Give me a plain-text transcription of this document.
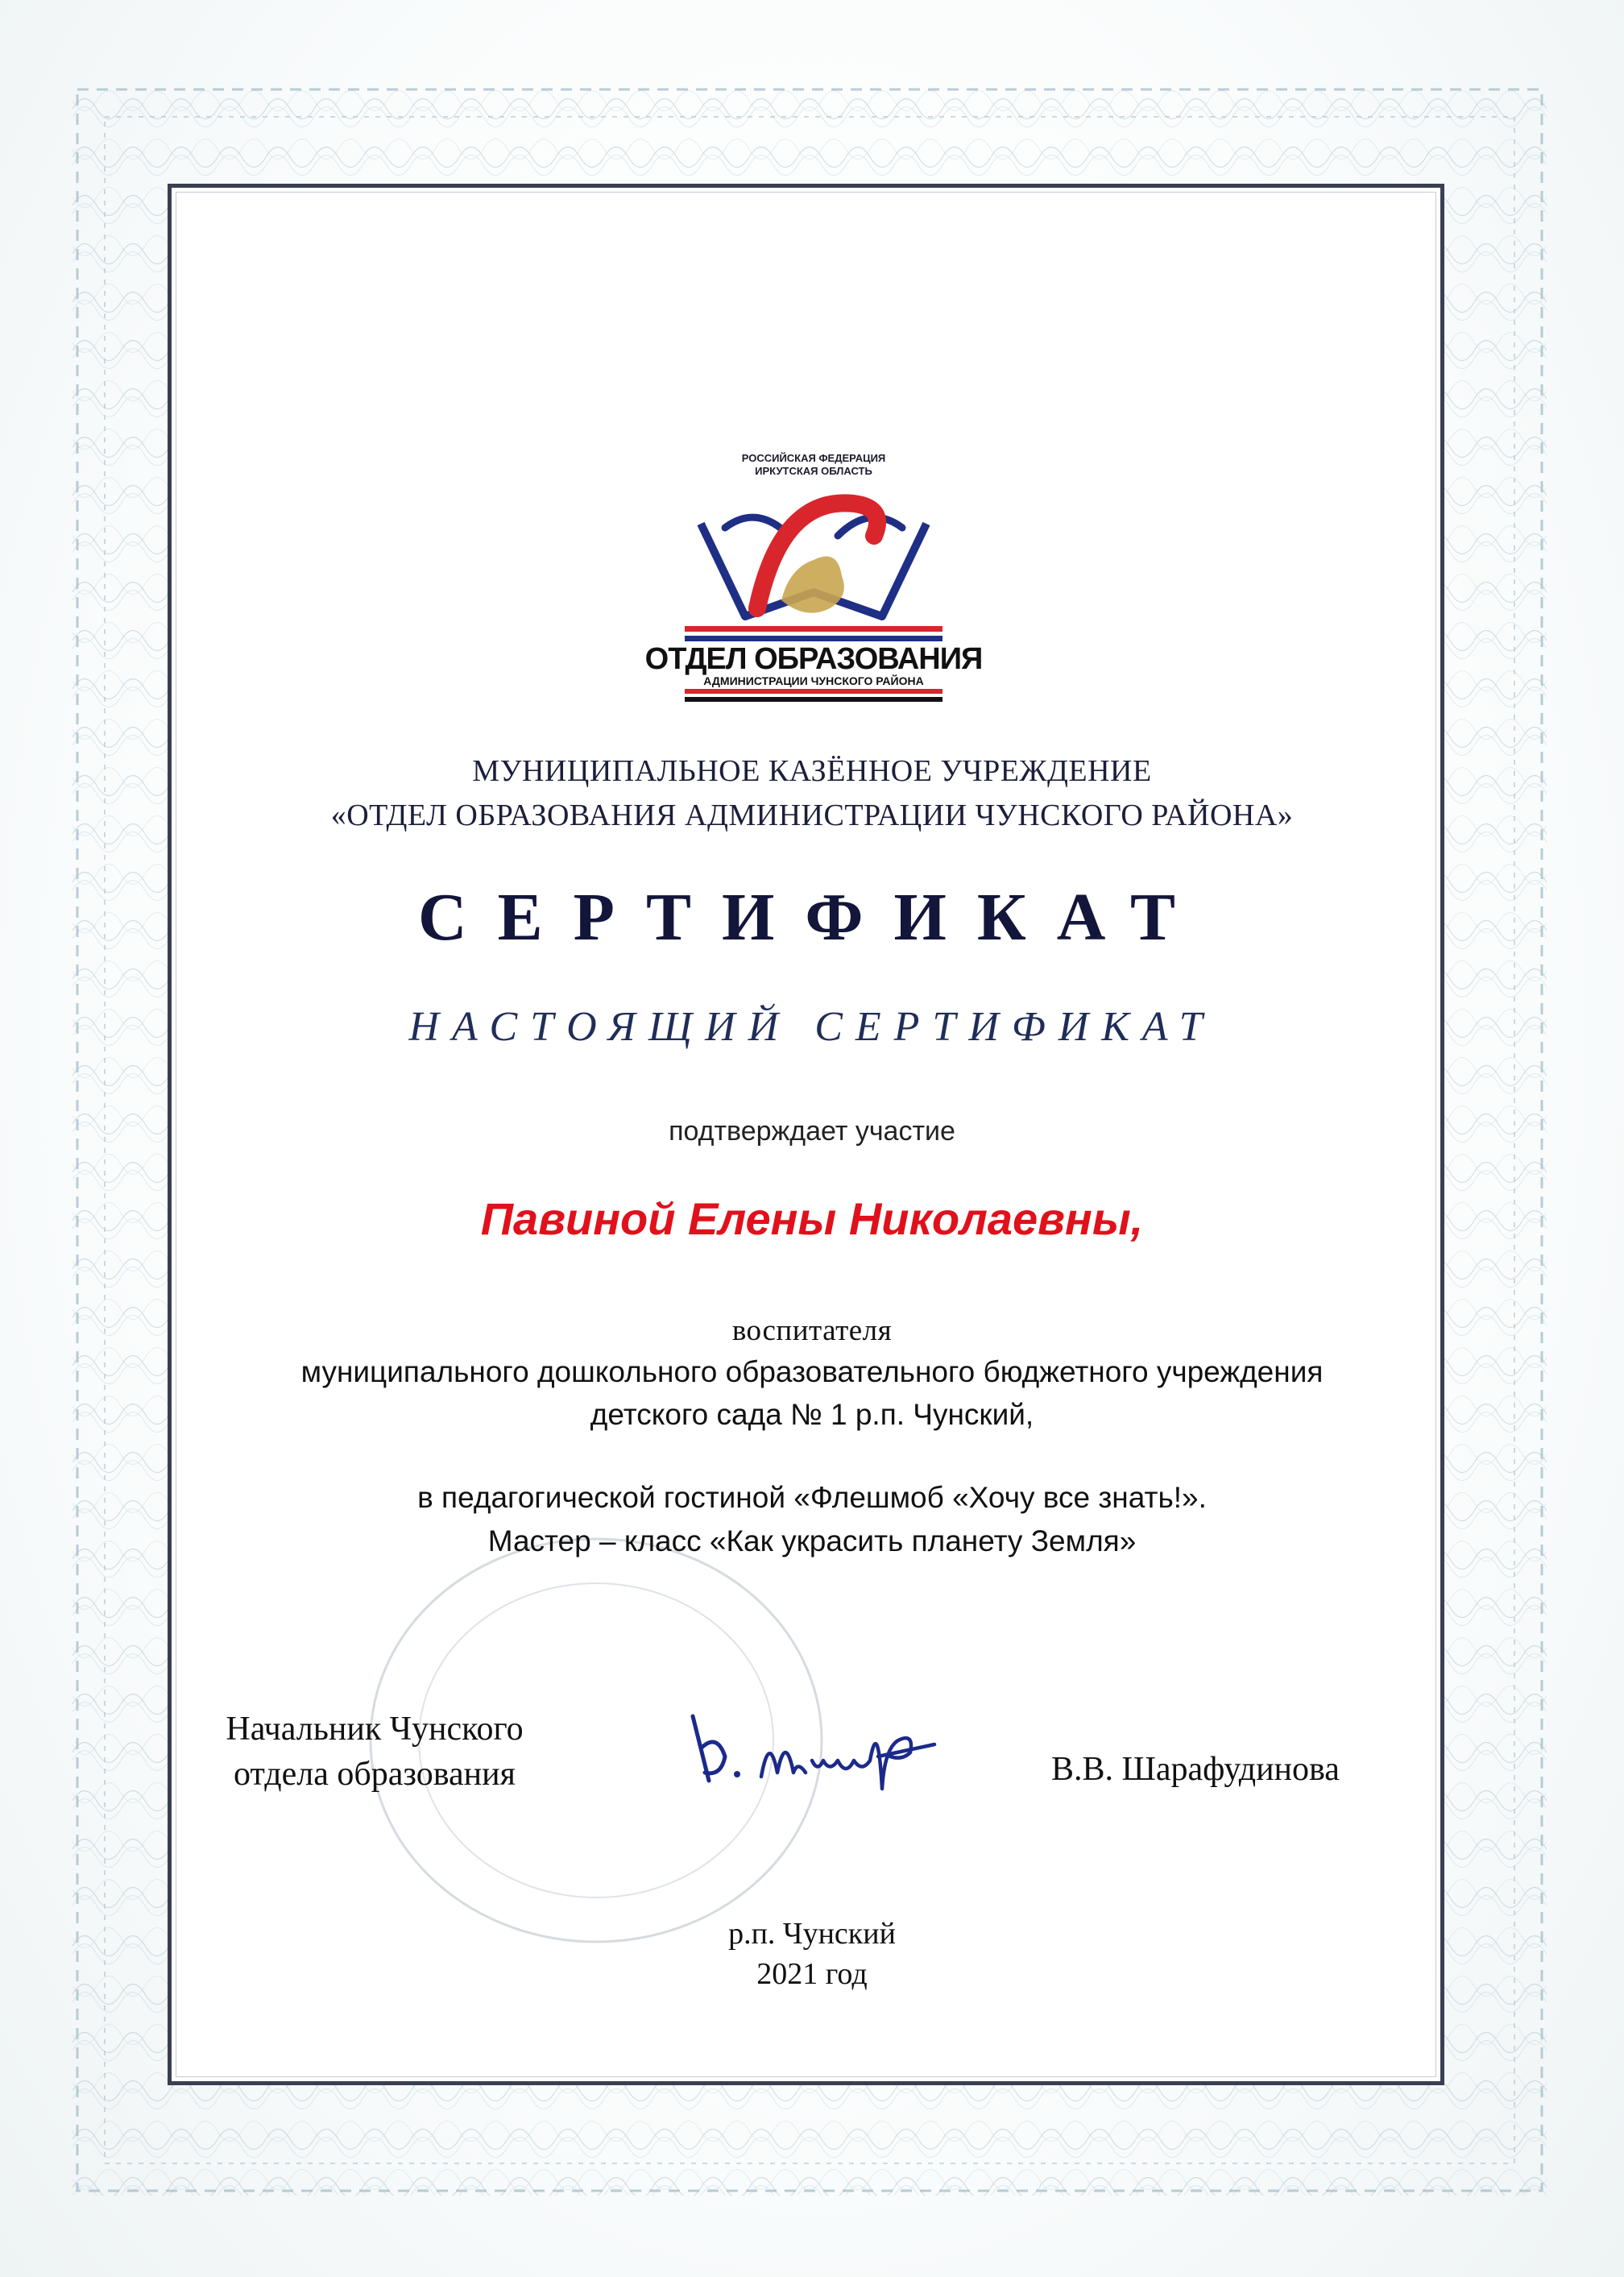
РОССИЙСКАЯ ФЕДЕРАЦИЯ
ИРКУТСКАЯ ОБЛАСТЬ
ОТДЕЛ ОБРАЗОВАНИЯ
АДМИНИСТРАЦИИ ЧУНСКОГО РАЙОНА
МУНИЦИПАЛЬНОЕ КАЗЁННОЕ УЧРЕЖДЕНИЕ
«ОТДЕЛ ОБРАЗОВАНИЯ АДМИНИСТРАЦИИ ЧУНСКОГО РАЙОНА»
СЕРТИФИКАТ
НАСТОЯЩИЙ СЕРТИФИКАТ
подтверждает участие
Павиной Елены Николаевны,
воспитателя
муниципального дошкольного образовательного бюджетного учреждения
детского сада № 1 р.п. Чунский,
в педагогической гостиной «Флешмоб «Хочу все знать!».
Мастер – класс «Как украсить планету Земля»
Начальник Чунского
отдела образования	В.В. Шарафудинова
р.п. Чунский
2021 год
